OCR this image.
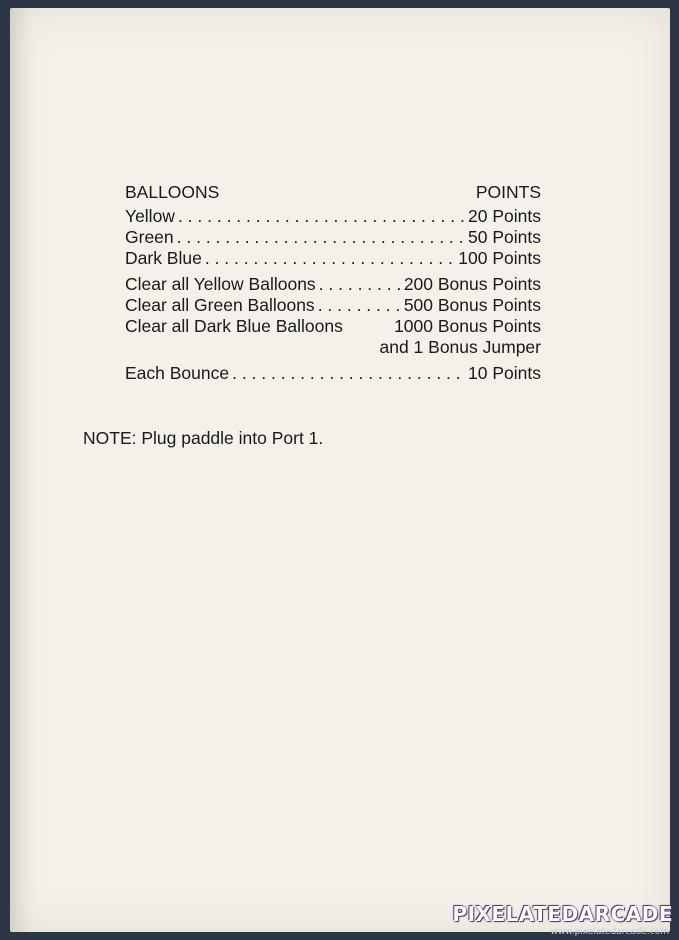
BALLOONS	POINTS
Yellow . . .	20 Points
Green . . .	50 Points
Dark Blue . . .	100 Points
Clear all Yellow Balloons . . .	200 Bonus Points
Clear all Green Balloons . . .	500 Bonus Points
Clear all Dark Blue Balloons	1000 Bonus Points
and 1 Bonus Jumper
Each Bounce . . .	10 Points
NOTE: Plug paddle into Port 1.
PIXELATEDARCADE
www.pixelatedarcade.com
